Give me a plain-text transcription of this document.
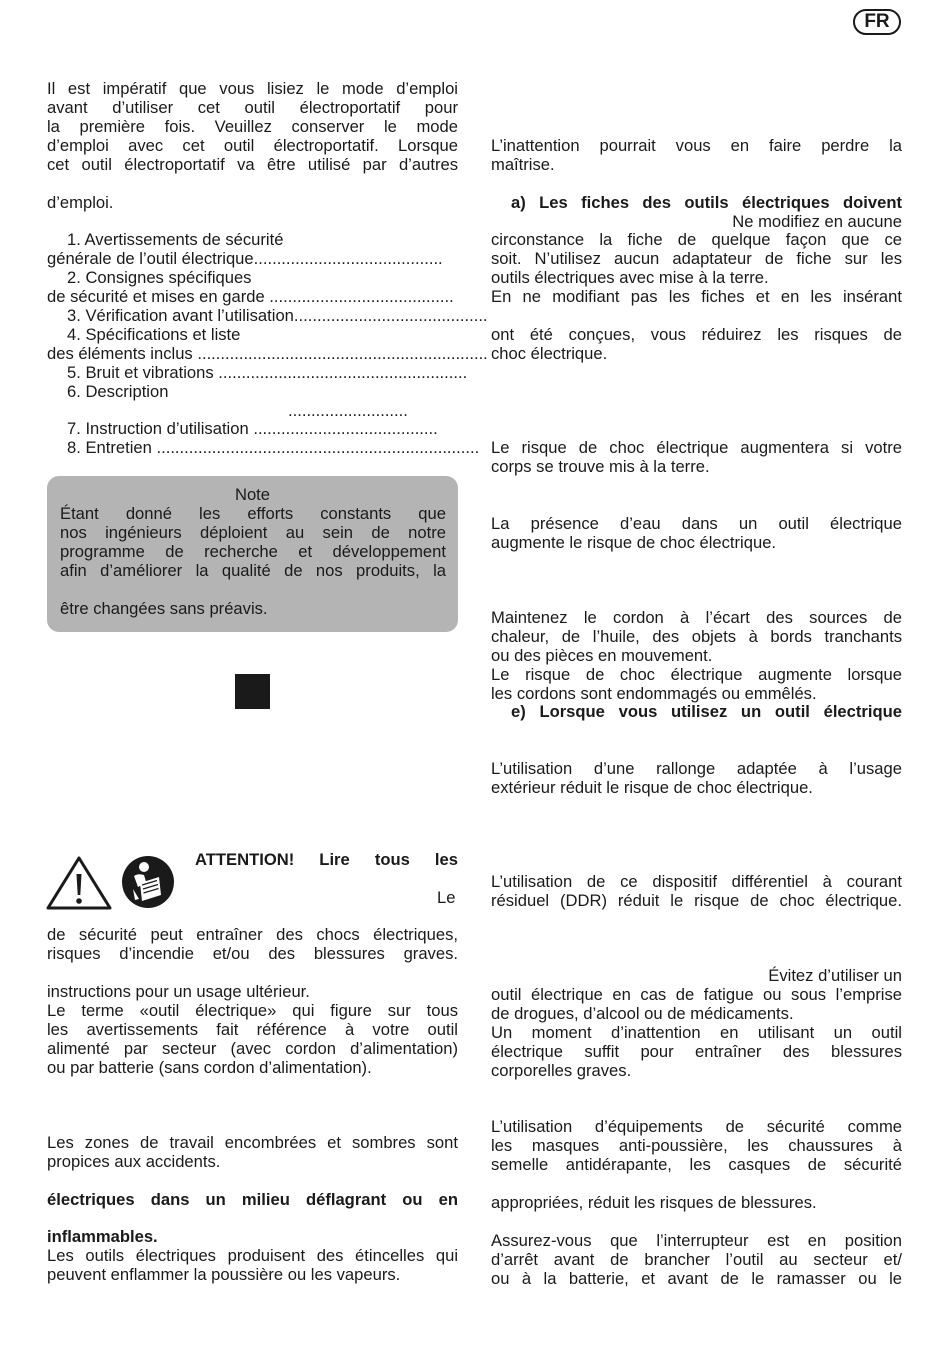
FR
Il est impératif que vous lisiez le mode d’emploi
avant d’utiliser cet outil électroportatif pour
la première fois. Veuillez conserver le mode
d’emploi avec cet outil électroportatif. Lorsque
cet outil électroportatif va être utilisé par d’autres
d’emploi.
1. Avertissements de sécurité
générale de l’outil électrique.........................................
2. Consignes spécifiques
de sécurité et mises en garde ........................................
3. Vérification avant l’utilisation..........................................
4. Spécifications et liste
des éléments inclus ...............................................................
5. Bruit et vibrations ......................................................
6. Description
..........................
7. Instruction d’utilisation ........................................
8. Entretien ......................................................................
Note
Étant donné les efforts constants que
nos ingénieurs déploient au sein de notre
programme de recherche et développement
afin d’améliorer la qualité de nos produits, la
être changées sans préavis.
ATTENTION! Lire tous les
Le
de sécurité peut entraîner des chocs électriques,
risques d’incendie et/ou des blessures graves.
instructions pour un usage ultérieur.
Le terme «outil électrique» qui figure sur tous
les avertissements fait référence à votre outil
alimenté par secteur (avec cordon d’alimentation)
ou par batterie (sans cordon d’alimentation).
Les zones de travail encombrées et sombres sont
propices aux accidents.
électriques dans un milieu déflagrant ou en
inflammables.
Les outils électriques produisent des étincelles qui
peuvent enflammer la poussière ou les vapeurs.
L’inattention pourrait vous en faire perdre la
maîtrise.
a) Les fiches des outils électriques doivent
Ne modifiez en aucune
circonstance la fiche de quelque façon que ce
soit. N’utilisez aucun adaptateur de fiche sur les
outils électriques avec mise à la terre.
En ne modifiant pas les fiches et en les insérant
ont été conçues, vous réduirez les risques de
choc électrique.
Le risque de choc électrique augmentera si votre
corps se trouve mis à la terre.
La présence d’eau dans un outil électrique
augmente le risque de choc électrique.
Maintenez le cordon à l’écart des sources de
chaleur, de l’huile, des objets à bords tranchants
ou des pièces en mouvement.
Le risque de choc électrique augmente lorsque
les cordons sont endommagés ou emmêlés.
e) Lorsque vous utilisez un outil électrique
L’utilisation d’une rallonge adaptée à l’usage
extérieur réduit le risque de choc électrique.
L’utilisation de ce dispositif différentiel à courant
résiduel (DDR) réduit le risque de choc électrique.
Évitez d’utiliser un
outil électrique en cas de fatigue ou sous l’emprise
de drogues, d’alcool ou de médicaments.
Un moment d’inattention en utilisant un outil
électrique suffit pour entraîner des blessures
corporelles graves.
L’utilisation d’équipements de sécurité comme
les masques anti-poussière, les chaussures à
semelle antidérapante, les casques de sécurité
appropriées, réduit les risques de blessures.
Assurez-vous que l’interrupteur est en position
d’arrêt avant de brancher l’outil au secteur et/
ou à la batterie, et avant de le ramasser ou le
